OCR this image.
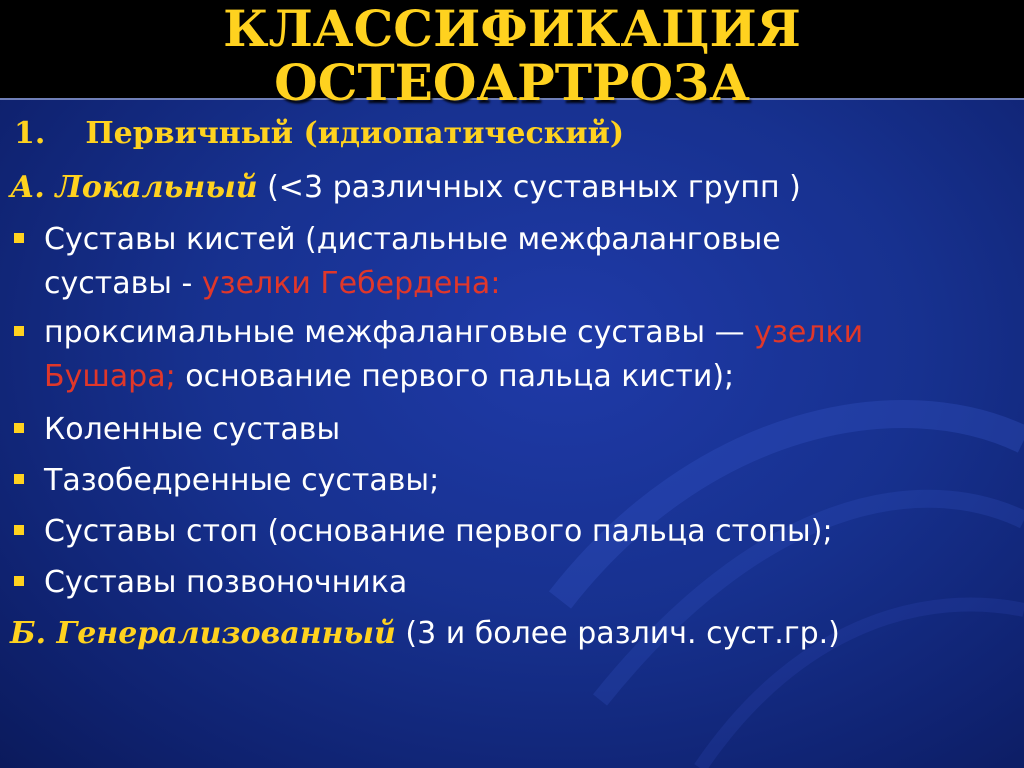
КЛАССИФИКАЦИЯ
ОСТЕОАРТРОЗА
1. Первичный (идиопатический)
А. Локальный (<3 различных суставных групп )
Суставы кистей (дистальные межфаланговые
суставы - узелки Гебердена:
проксимальные межфаланговые суставы — узелки
Бушара; основание первого пальца кисти);
Коленные суставы
Тазобедренные суставы;
Суставы стоп (основание первого пальца стопы);
Суставы позвоночника
Б. Генерализованный (3 и более различ. суст.гр.)
